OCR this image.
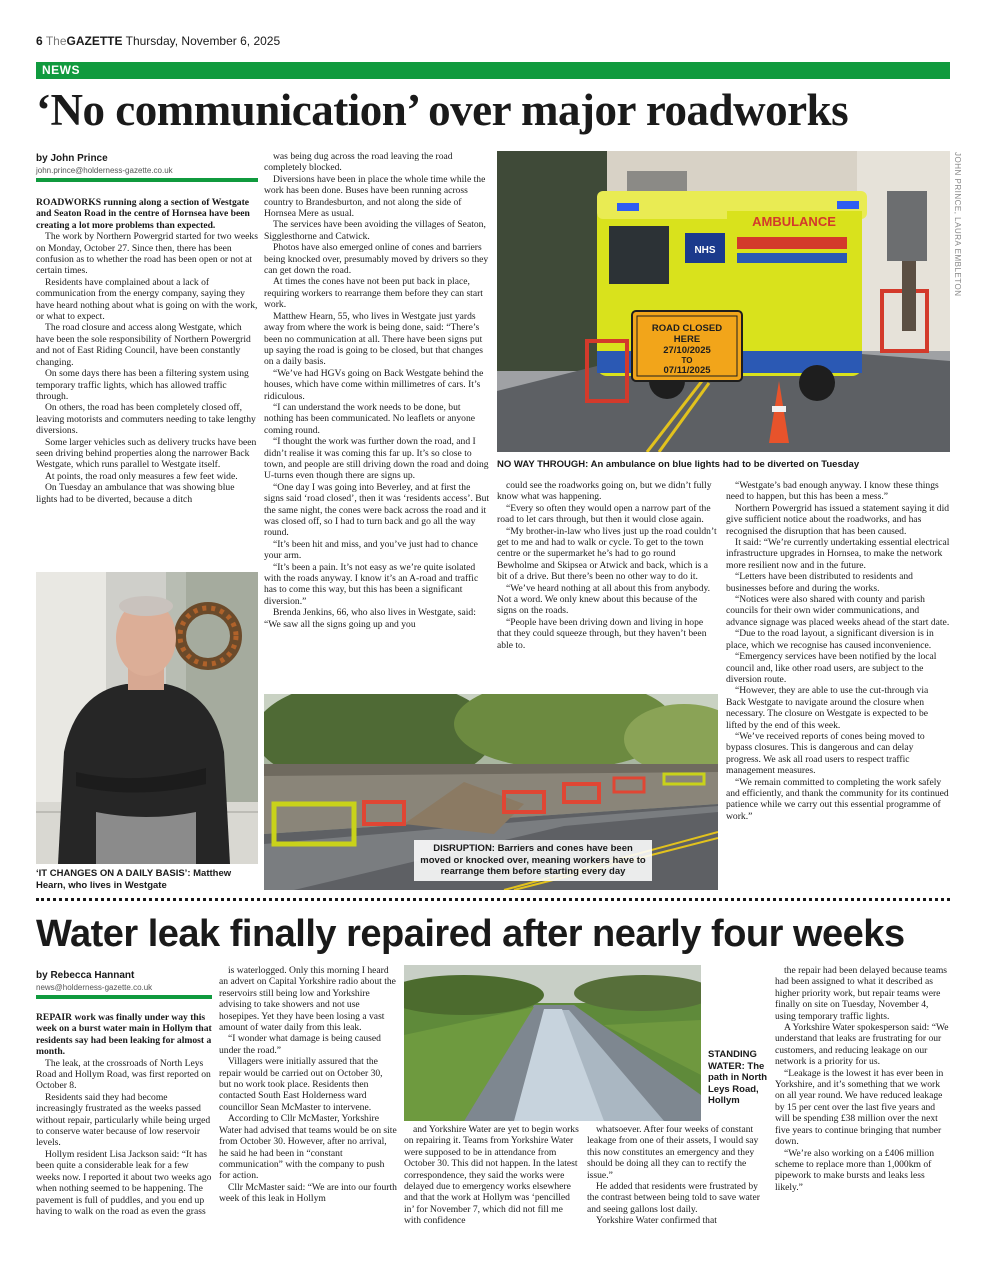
6 TheGAZETTE Thursday, November 6, 2025
NEWS
‘No communication’ over major roadworks
by John Prince
john.prince@holderness-gazette.co.uk

ROADWORKS running along a section of Westgate and Seaton Road in the centre of Hornsea have been creating a lot more problems than expected.

The work by Northern Powergrid started for two weeks on Monday, October 27. Since then, there has been confusion as to whether the road has been open or not at certain times.

Residents have complained about a lack of communication from the energy company, saying they have heard nothing about what is going on with the work, or what to expect.

The road closure and access along Westgate, which have been the sole responsibility of Northern Powergrid and not of East Riding Council, have been constantly changing.

On some days there has been a filtering system using temporary traffic lights, which has allowed traffic through.

On others, the road has been completely closed off, leaving motorists and commuters needing to take lengthy diversions.

Some larger vehicles such as delivery trucks have been seen driving behind properties along the narrower Back Westgate, which runs parallel to Westgate itself.

At points, the road only measures a few feet wide.

On Tuesday an ambulance that was showing blue lights had to be diverted, because a ditch

‘IT CHANGES ON A DAILY BASIS’: Matthew Hearn, who lives in Westgate

was being dug across the road leaving the road completely blocked.

Diversions have been in place the whole time while the work has been done. Buses have been running across country to Brandesburton, and not along the side of Hornsea Mere as usual.

The services have been avoiding the villages of Seaton, Sigglesthorne and Catwick.

Photos have also emerged online of cones and barriers being knocked over, presumably moved by drivers so they can get down the road.

At times the cones have not been put back in place, requiring workers to rearrange them before they can start work.

Matthew Hearn, 55, who lives in Westgate just yards away from where the work is being done, said: “There’s been no communication at all. There have been signs put up saying the road is going to be closed, but that changes on a daily basis.

“We’ve had HGVs going on Back Westgate behind the houses, which have come within millimetres of cars. It’s ridiculous.

“I can understand the work needs to be done, but nothing has been communicated. No leaflets or anyone coming round.

“I thought the work was further down the road, and I didn’t realise it was coming this far up. It’s so close to town, and people are still driving down the road and doing U-turns even though there are signs up.

“One day I was going into Beverley, and at first the signs said ‘road closed’, then it was ‘residents access’. But the same night, the cones were back across the road and it was closed off, so I had to turn back and go all the way round.

“It’s been hit and miss, and you’ve just had to chance your arm.

“It’s been a pain. It’s not easy as we’re quite isolated with the roads anyway. I know it’s an A-road and traffic has to come this way, but this has been a significant diversion.”

Brenda Jenkins, 66, who also lives in Westgate, said: “We saw all the signs going up and you

AMBULANCE
NHS
ROAD CLOSED
HERE
27/10/2025
TO
07/11/2025
JOHN PRINCE, LAURA EMBLETON
NO WAY THROUGH: An ambulance on blue lights had to be diverted on Tuesday

could see the roadworks going on, but we didn’t fully know what was happening.

“Every so often they would open a narrow part of the road to let cars through, but then it would close again.

“My brother-in-law who lives just up the road couldn’t get to me and had to walk or cycle. To get to the town centre or the supermarket he’s had to go round Bewholme and Skipsea or Atwick and back, which is a bit of a drive. But there’s been no other way to do it.

“We’ve heard nothing at all about this from anybody. Not a word. We only knew about this because of the signs on the roads.

“People have been driving down and living in hope that they could squeeze through, but they haven’t been able to.

“Westgate’s bad enough anyway. I know these things need to happen, but this has been a mess.”

Northern Powergrid has issued a statement saying it did give sufficient notice about the roadworks, and has recognised the disruption that has been caused.

It said: “We’re currently undertaking essential electrical infrastructure upgrades in Hornsea, to make the network more resilient now and in the future.

“Letters have been distributed to residents and businesses before and during the works.

“Notices were also shared with county and parish councils for their own wider communications, and advance signage was placed weeks ahead of the start date.

“Due to the road layout, a significant diversion is in place, which we recognise has caused inconvenience.

“Emergency services have been notified by the local council and, like other road users, are subject to the diversion route.

“However, they are able to use the cut-through via Back Westgate to navigate around the closure when necessary. The closure on Westgate is expected to be lifted by the end of this week.

“We’ve received reports of cones being moved to bypass closures. This is dangerous and can delay progress. We ask all road users to respect traffic management measures.

“We remain committed to completing the work safely and efficiently, and thank the community for its continued patience while we carry out this essential programme of work.”

DISRUPTION: Barriers and cones have been moved or knocked over, meaning workers have to rearrange them before starting every day
Water leak finally repaired after nearly four weeks
by Rebecca Hannant
news@holderness-gazette.co.uk

REPAIR work was finally under way this week on a burst water main in Hollym that residents say had been leaking for almost a month.

The leak, at the crossroads of North Leys Road and Hollym Road, was first reported on October 8.

Residents said they had become increasingly frustrated as the weeks passed without repair, particularly while being urged to conserve water because of low reservoir levels.

Hollym resident Lisa Jackson said: “It has been quite a considerable leak for a few weeks now. I reported it about two weeks ago when nothing seemed to be happening. The pavement is full of puddles, and you end up having to walk on the road as even the grass

is waterlogged. Only this morning I heard an advert on Capital Yorkshire radio about the reservoirs still being low and Yorkshire advising to take showers and not use hosepipes. Yet they have been losing a vast amount of water daily from this leak.

“I wonder what damage is being caused under the road.”

Villagers were initially assured that the repair would be carried out on October 30, but no work took place. Residents then contacted South East Holderness ward councillor Sean McMaster to intervene.

According to Cllr McMaster, Yorkshire Water had advised that teams would be on site from October 30. However, after no arrival, he said he had been in “constant communication” with the company to push for action.

Cllr McMaster said: “We are into our fourth week of this leak in Hollym

STANDING WATER: The path in North Leys Road, Hollym

and Yorkshire Water are yet to begin works on repairing it. Teams from Yorkshire Water were supposed to be in attendance from October 30. This did not happen. In the latest correspondence, they said the works were delayed due to emergency works elsewhere and that the work at Hollym was ‘pencilled in’ for November 7, which did not fill me with confidence

whatsoever. After four weeks of constant leakage from one of their assets, I would say this now constitutes an emergency and they should be doing all they can to rectify the issue.”

He added that residents were frustrated by the contrast between being told to save water and seeing gallons lost daily.

Yorkshire Water confirmed that

the repair had been delayed because teams had been assigned to what it described as higher priority work, but repair teams were finally on site on Tuesday, November 4, using temporary traffic lights.

A Yorkshire Water spokesperson said: “We understand that leaks are frustrating for our customers, and reducing leakage on our network is a priority for us.

“Leakage is the lowest it has ever been in Yorkshire, and it’s something that we work on all year round. We have reduced leakage by 15 per cent over the last five years and will be spending £38 million over the next five years to continue bringing that number down.

“We’re also working on a £406 million scheme to replace more than 1,000km of pipework to make bursts and leaks less likely.”
